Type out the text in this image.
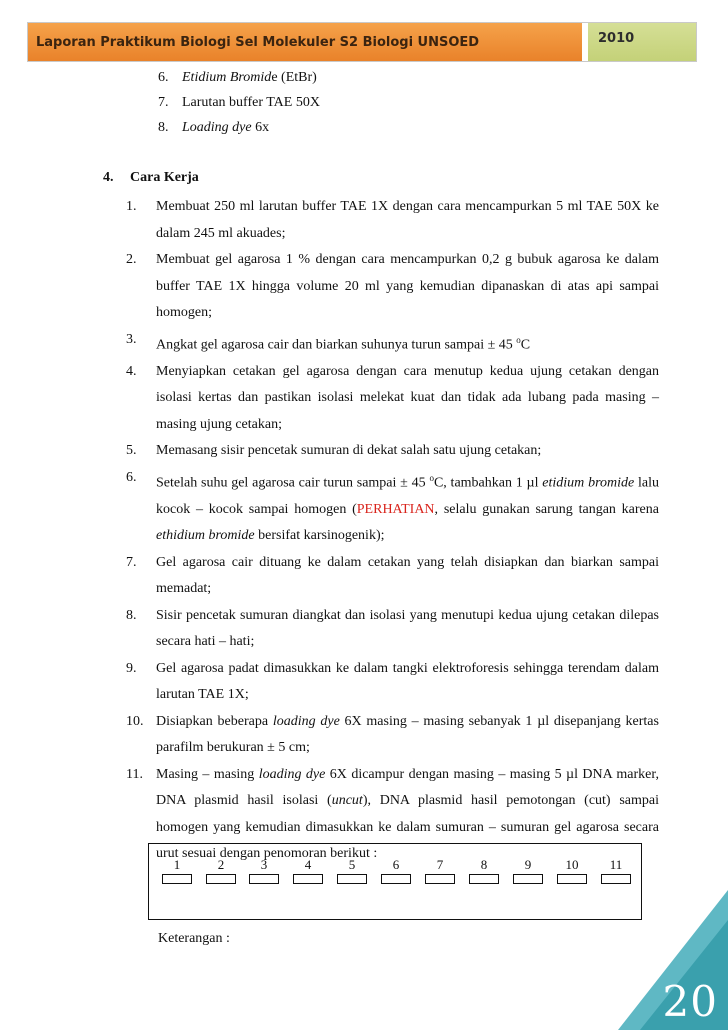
Laporan Praktikum Biologi Sel Molekuler S2 Biologi UNSOED	2010
6. Etidium Bromide (EtBr)
7. Larutan buffer TAE 50X
8. Loading dye 6x
4. Cara Kerja
1. Membuat 250 ml larutan buffer TAE 1X dengan cara mencampurkan 5 ml TAE 50X ke dalam 245 ml akuades;
2. Membuat gel agarosa 1 % dengan cara mencampurkan 0,2 g bubuk agarosa ke dalam buffer TAE 1X hingga volume 20 ml yang kemudian dipanaskan di atas api sampai homogen;
3. Angkat gel agarosa cair dan biarkan suhunya turun sampai ± 45 $^o$C
4. Menyiapkan cetakan gel agarosa dengan cara menutup kedua ujung cetakan dengan isolasi kertas dan pastikan isolasi melekat kuat dan tidak ada lubang pada masing – masing ujung cetakan;
5. Memasang sisir pencetak sumuran di dekat salah satu ujung cetakan;
6. Setelah suhu gel agarosa cair turun sampai ± 45 $^o$C, tambahkan 1 µl etidium bromide lalu kocok – kocok sampai homogen (PERHATIAN, selalu gunakan sarung tangan karena ethidium bromide bersifat karsinogenik);
7. Gel agarosa cair dituang ke dalam cetakan yang telah disiapkan dan biarkan sampai memadat;
8. Sisir pencetak sumuran diangkat dan isolasi yang menutupi kedua ujung cetakan dilepas secara hati – hati;
9. Gel agarosa padat dimasukkan ke dalam tangki elektroforesis sehingga terendam dalam larutan TAE 1X;
10. Disiapkan beberapa loading dye 6X masing – masing sebanyak 1 µl disepanjang kertas parafilm berukuran ± 5 cm;
11. Masing – masing loading dye 6X dicampur dengan masing – masing 5 µl DNA marker, DNA plasmid hasil isolasi (uncut), DNA plasmid hasil pemotongan (cut) sampai homogen yang kemudian dimasukkan ke dalam sumuran – sumuran gel agarosa secara urut sesuai dengan penomoran berikut :
1	2	3	4	5	6	7	8	9	10	11
Keterangan :
20
